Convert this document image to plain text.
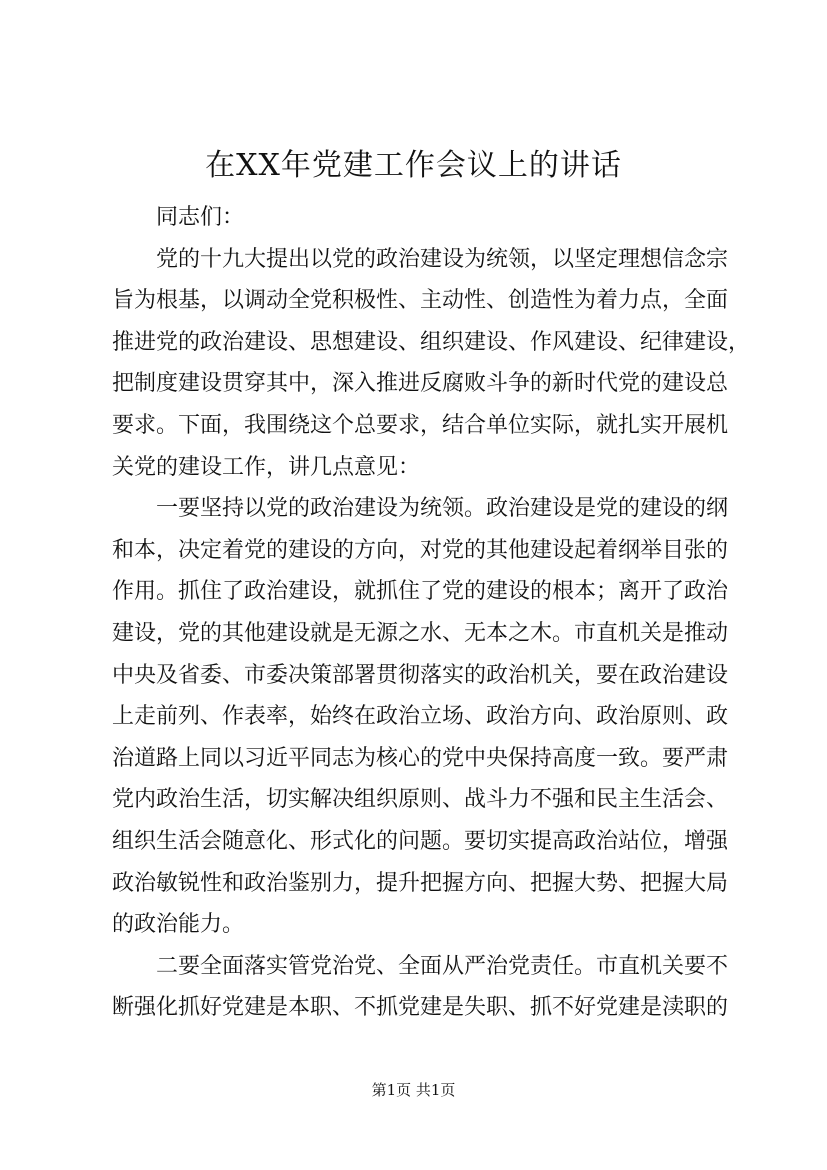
在XX年党建工作会议上的讲话
同志们：
党的十九大提出以党的政治建设为统领，以坚定理想信念宗
旨为根基，以调动全党积极性、主动性、创造性为着力点，全面
推进党的政治建设、思想建设、组织建设、作风建设、纪律建设，
把制度建设贯穿其中，深入推进反腐败斗争的新时代党的建设总
要求。下面，我围绕这个总要求，结合单位实际，就扎实开展机
关党的建设工作，讲几点意见：
一要坚持以党的政治建设为统领。政治建设是党的建设的纲
和本，决定着党的建设的方向，对党的其他建设起着纲举目张的
作用。抓住了政治建设，就抓住了党的建设的根本；离开了政治
建设，党的其他建设就是无源之水、无本之木。市直机关是推动
中央及省委、市委决策部署贯彻落实的政治机关，要在政治建设
上走前列、作表率，始终在政治立场、政治方向、政治原则、政
治道路上同以习近平同志为核心的党中央保持高度一致。要严肃
党内政治生活，切实解决组织原则、战斗力不强和民主生活会、
组织生活会随意化、形式化的问题。要切实提高政治站位，增强
政治敏锐性和政治鉴别力，提升把握方向、把握大势、把握大局
的政治能力。
二要全面落实管党治党、全面从严治党责任。市直机关要不
断强化抓好党建是本职、不抓党建是失职、抓不好党建是渎职的
第1页 共1页
